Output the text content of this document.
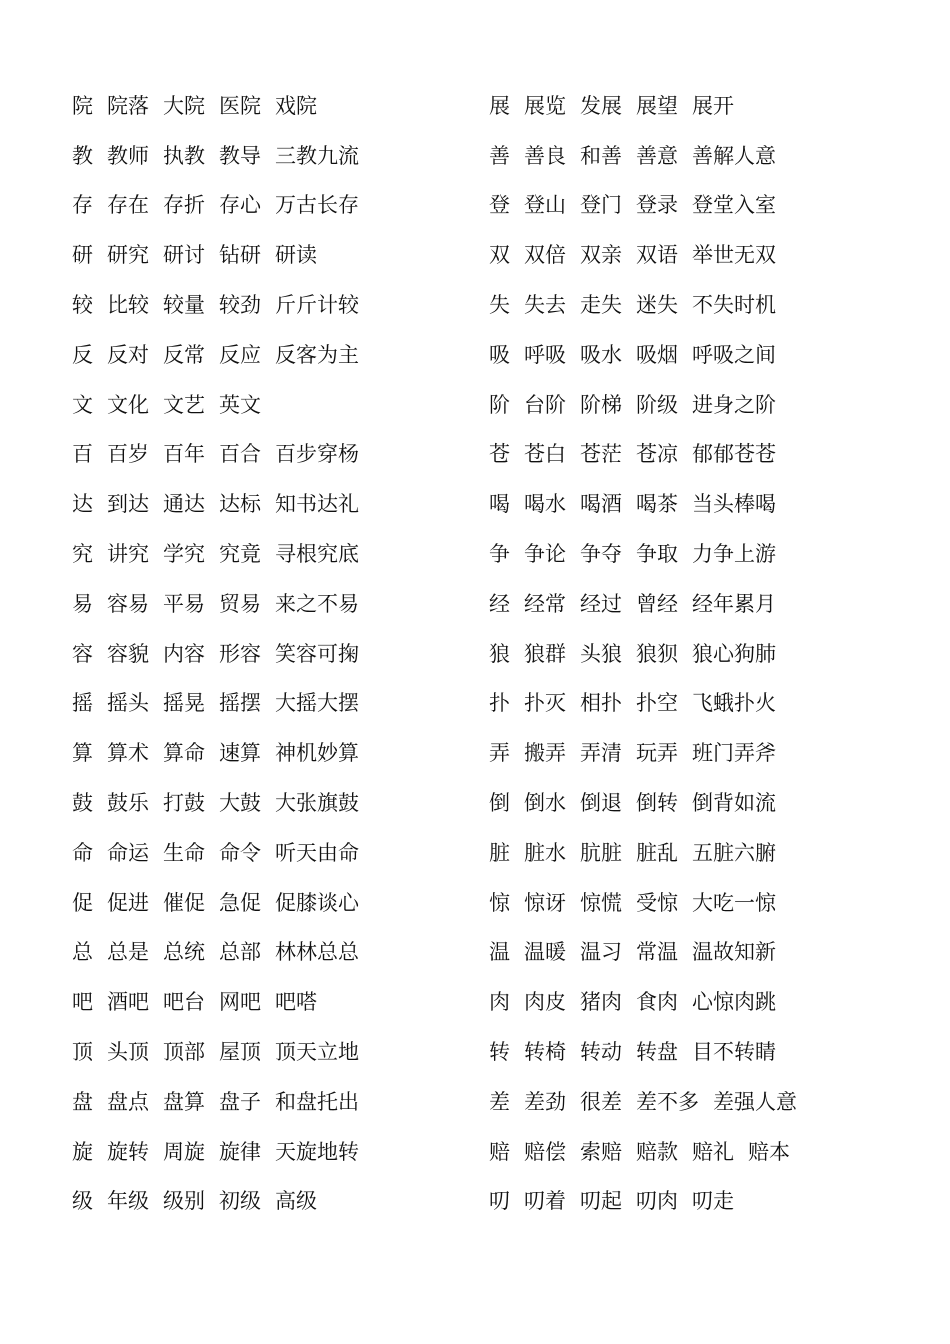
院 院落 大院 医院 戏院
教 教师 执教 教导 三教九流
存 存在 存折 存心 万古长存
研 研究 研讨 钻研 研读
较 比较 较量 较劲 斤斤计较
反 反对 反常 反应 反客为主
文 文化 文艺 英文
百 百岁 百年 百合 百步穿杨
达 到达 通达 达标 知书达礼
究 讲究 学究 究竟 寻根究底
易 容易 平易 贸易 来之不易
容 容貌 内容 形容 笑容可掬
摇 摇头 摇晃 摇摆 大摇大摆
算 算术 算命 速算 神机妙算
鼓 鼓乐 打鼓 大鼓 大张旗鼓
命 命运 生命 命令 听天由命
促 促进 催促 急促 促膝谈心
总 总是 总统 总部 林林总总
吧 酒吧 吧台 网吧 吧嗒
顶 头顶 顶部 屋顶 顶天立地
盘 盘点 盘算 盘子 和盘托出
旋 旋转 周旋 旋律 天旋地转
级 年级 级别 初级 高级
展 展览 发展 展望 展开
善 善良 和善 善意 善解人意
登 登山 登门 登录 登堂入室
双 双倍 双亲 双语 举世无双
失 失去 走失 迷失 不失时机
吸 呼吸 吸水 吸烟 呼吸之间
阶 台阶 阶梯 阶级 进身之阶
苍 苍白 苍茫 苍凉 郁郁苍苍
喝 喝水 喝酒 喝茶 当头棒喝
争 争论 争夺 争取 力争上游
经 经常 经过 曾经 经年累月
狼 狼群 头狼 狼狈 狼心狗肺
扑 扑灭 相扑 扑空 飞蛾扑火
弄 搬弄 弄清 玩弄 班门弄斧
倒 倒水 倒退 倒转 倒背如流
脏 脏水 肮脏 脏乱 五脏六腑
惊 惊讶 惊慌 受惊 大吃一惊
温 温暖 温习 常温 温故知新
肉 肉皮 猪肉 食肉 心惊肉跳
转 转椅 转动 转盘 目不转睛
差 差劲 很差 差不多 差强人意
赔 赔偿 索赔 赔款 赔礼 赔本
叨 叨着 叨起 叨肉 叨走
